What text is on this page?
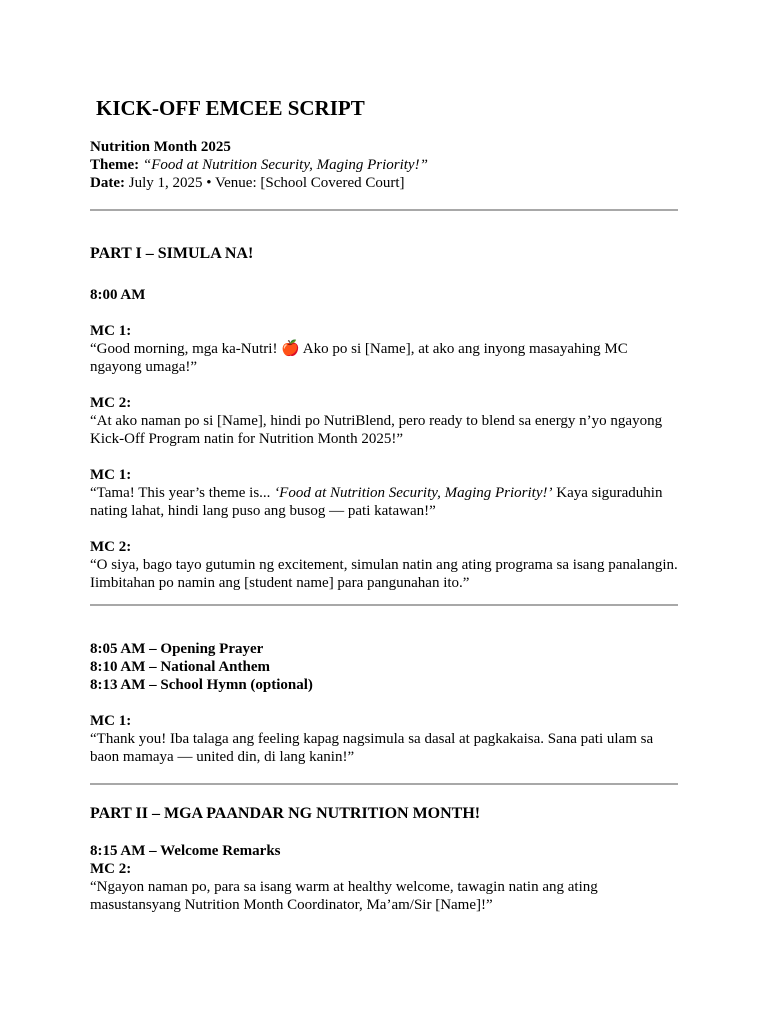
KICK-OFF EMCEE SCRIPT
Nutrition Month 2025
Theme: “Food at Nutrition Security, Maging Priority!”
Date: July 1, 2025 • Venue: [School Covered Court]
PART I – SIMULA NA!
8:00 AM
MC 1:

“Good morning, mga ka-Nutri! 🍎 Ako po si [Name], at ako ang inyong masayahing MC ngayong umaga!”

MC 2:

“At ako naman po si [Name], hindi po NutriBlend, pero ready to blend sa energy n’yo ngayong Kick-Off Program natin for Nutrition Month 2025!”

MC 1:

“Tama! This year’s theme is... ‘Food at Nutrition Security, Maging Priority!’ Kaya siguraduhin nating lahat, hindi lang puso ang busog — pati katawan!”

MC 2:

“O siya, bago tayo gutumin ng excitement, simulan natin ang ating programa sa isang panalangin. Iimbitahan po namin ang [student name] para pangunahan ito.”

8:05 AM – Opening Prayer
8:10 AM – National Anthem
8:13 AM – School Hymn (optional)
MC 1:

“Thank you! Iba talaga ang feeling kapag nagsimula sa dasal at pagkakaisa. Sana pati ulam sa baon mamaya — united din, di lang kanin!”

PART II – MGA PAANDAR NG NUTRITION MONTH!
8:15 AM – Welcome Remarks
MC 2:

“Ngayon naman po, para sa isang warm at healthy welcome, tawagin natin ang ating masustansyang Nutrition Month Coordinator, Ma’am/Sir [Name]!”
